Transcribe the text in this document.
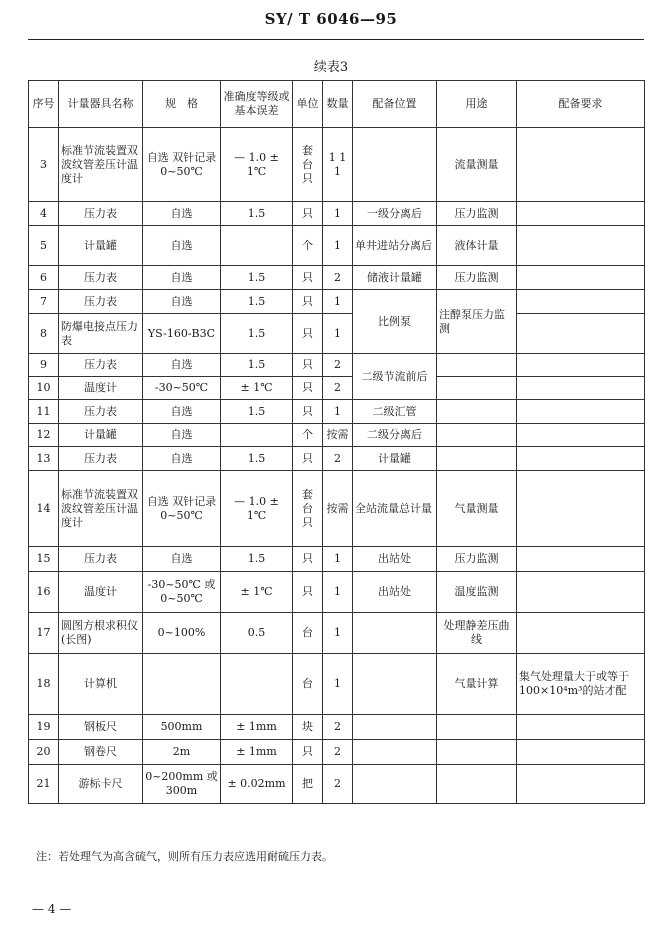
SY/ T 6046—95
续表3
序号	计量器具名称	规　格	准确度等级或基本误差	单位	数量	配备位置	用途	配备要求
3	标准节流装置双波纹管差压计温度计	自选 双针记录 0~50℃	— 1.0 ± 1℃	套 台 只	1 1 1		流量测量	
4	压力表	自选	1.5	只	1	一级分离后	压力监测	
5	计量罐	自选		个	1	单井进站分离后	液体计量	
6	压力表	自选	1.5	只	2	储液计量罐	压力监测	
7	压力表	自选	1.5	只	1	比例泵	注醇泵压力监测	
8	防爆电接点压力表	YS-160-B3C	1.5	只	1			
9	压力表	自选	1.5	只	2	二级节流前后		
10	温度计	-30~50℃	± 1℃	只	2			
11	压力表	自选	1.5	只	1	二级汇管		
12	计量罐	自选		个	按需	二级分离后		
13	压力表	自选	1.5	只	2	计量罐		
14	标准节流装置双波纹管差压计温度计	自选 双针记录 0~50℃	— 1.0 ± 1℃	套 台 只	按需	全站流量总计量	气量测量	
15	压力表	自选	1.5	只	1	出站处	压力监测	
16	温度计	-30~50℃ 或 0~50℃	± 1℃	只	1	出站处	温度监测	
17	圆图方根求积仪(长图)	0~100%	0.5	台	1		处理静差压曲线	
18	计算机			台	1		气量计算	集气处理量大于或等于100×10⁴m³的站才配
19	钢板尺	500mm	± 1mm	块	2			
20	钢卷尺	2m	± 1mm	只	2			
21	游标卡尺	0~200mm 或 300m	± 0.02mm	把	2			
注：若处理气为高含硫气，则所有压力表应选用耐硫压力表。
— 4 —
